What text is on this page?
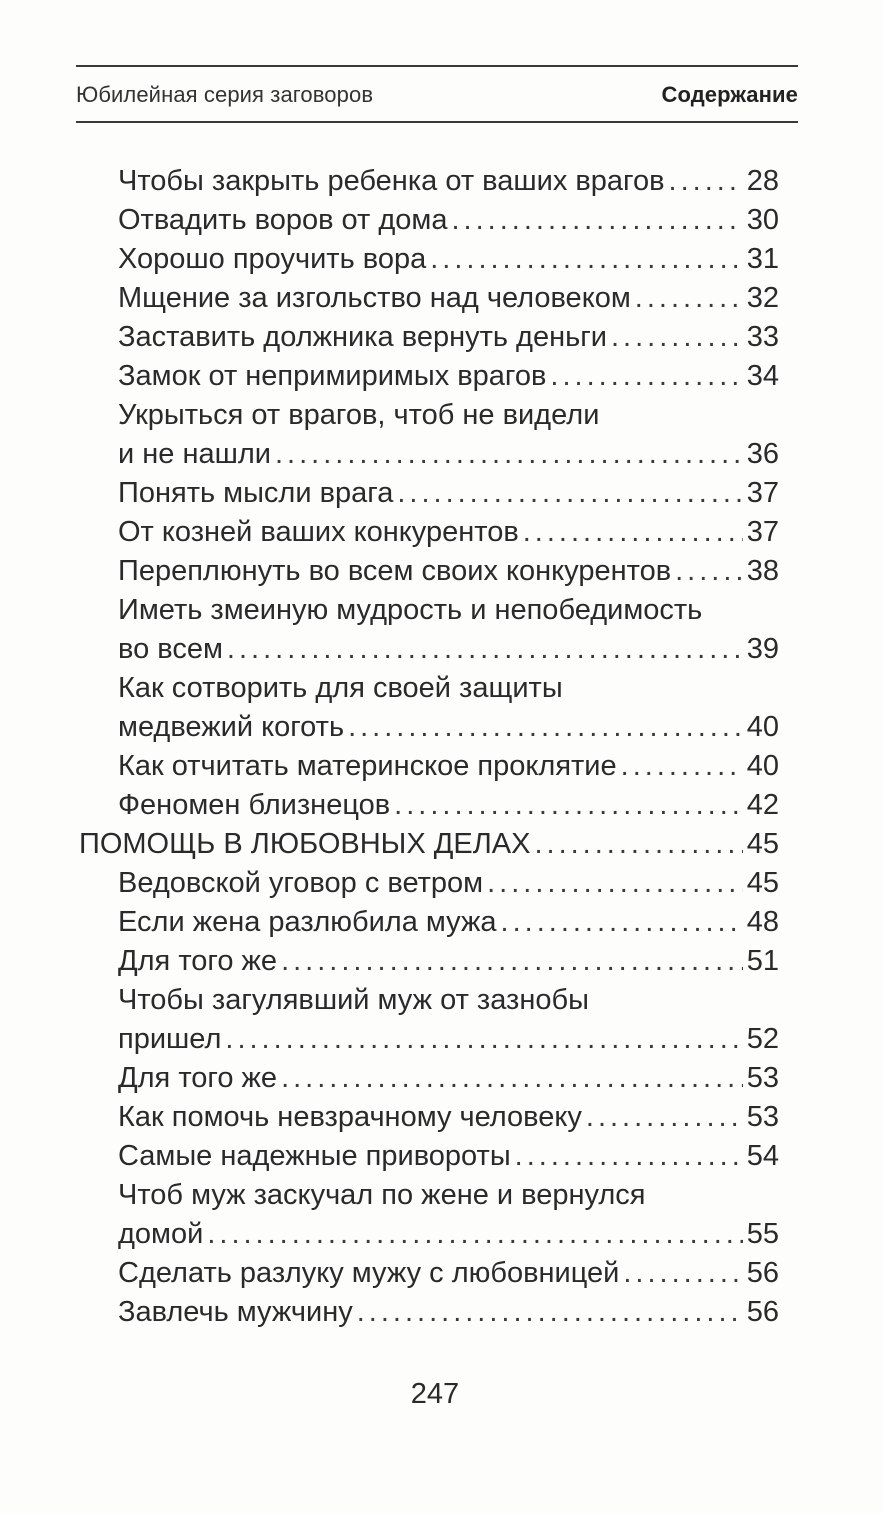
Юбилейная серия заговоров	Содержание
Чтобы закрыть ребенка от ваших врагов .....	28
Отвадить воров от дома .....	30
Хорошо проучить вора .....	31
Мщение за изгольство над человеком .....	32
Заставить должника вернуть деньги .....	33
Замок от непримиримых врагов .....	34
Укрыться от врагов, чтоб не видели
и не нашли .....	36
Понять мысли врага .....	37
От козней ваших конкурентов .....	37
Переплюнуть во всем своих конкурентов .....	38
Иметь змеиную мудрость и непобедимость
во всем .....	39
Как сотворить для своей защиты
медвежий коготь .....	40
Как отчитать материнское проклятие .....	40
Феномен близнецов .....	42
ПОМОЩЬ В ЛЮБОВНЫХ ДЕЛАХ .....	45
Ведовской уговор с ветром .....	45
Если жена разлюбила мужа .....	48
Для того же .....	51
Чтобы загулявший муж от зазнобы
пришел .....	52
Для того же .....	53
Как помочь невзрачному человеку .....	53
Самые надежные привороты .....	54
Чтоб муж заскучал по жене и вернулся
домой .....	55
Сделать разлуку мужу с любовницей .....	56
Завлечь мужчину .....	56
247
